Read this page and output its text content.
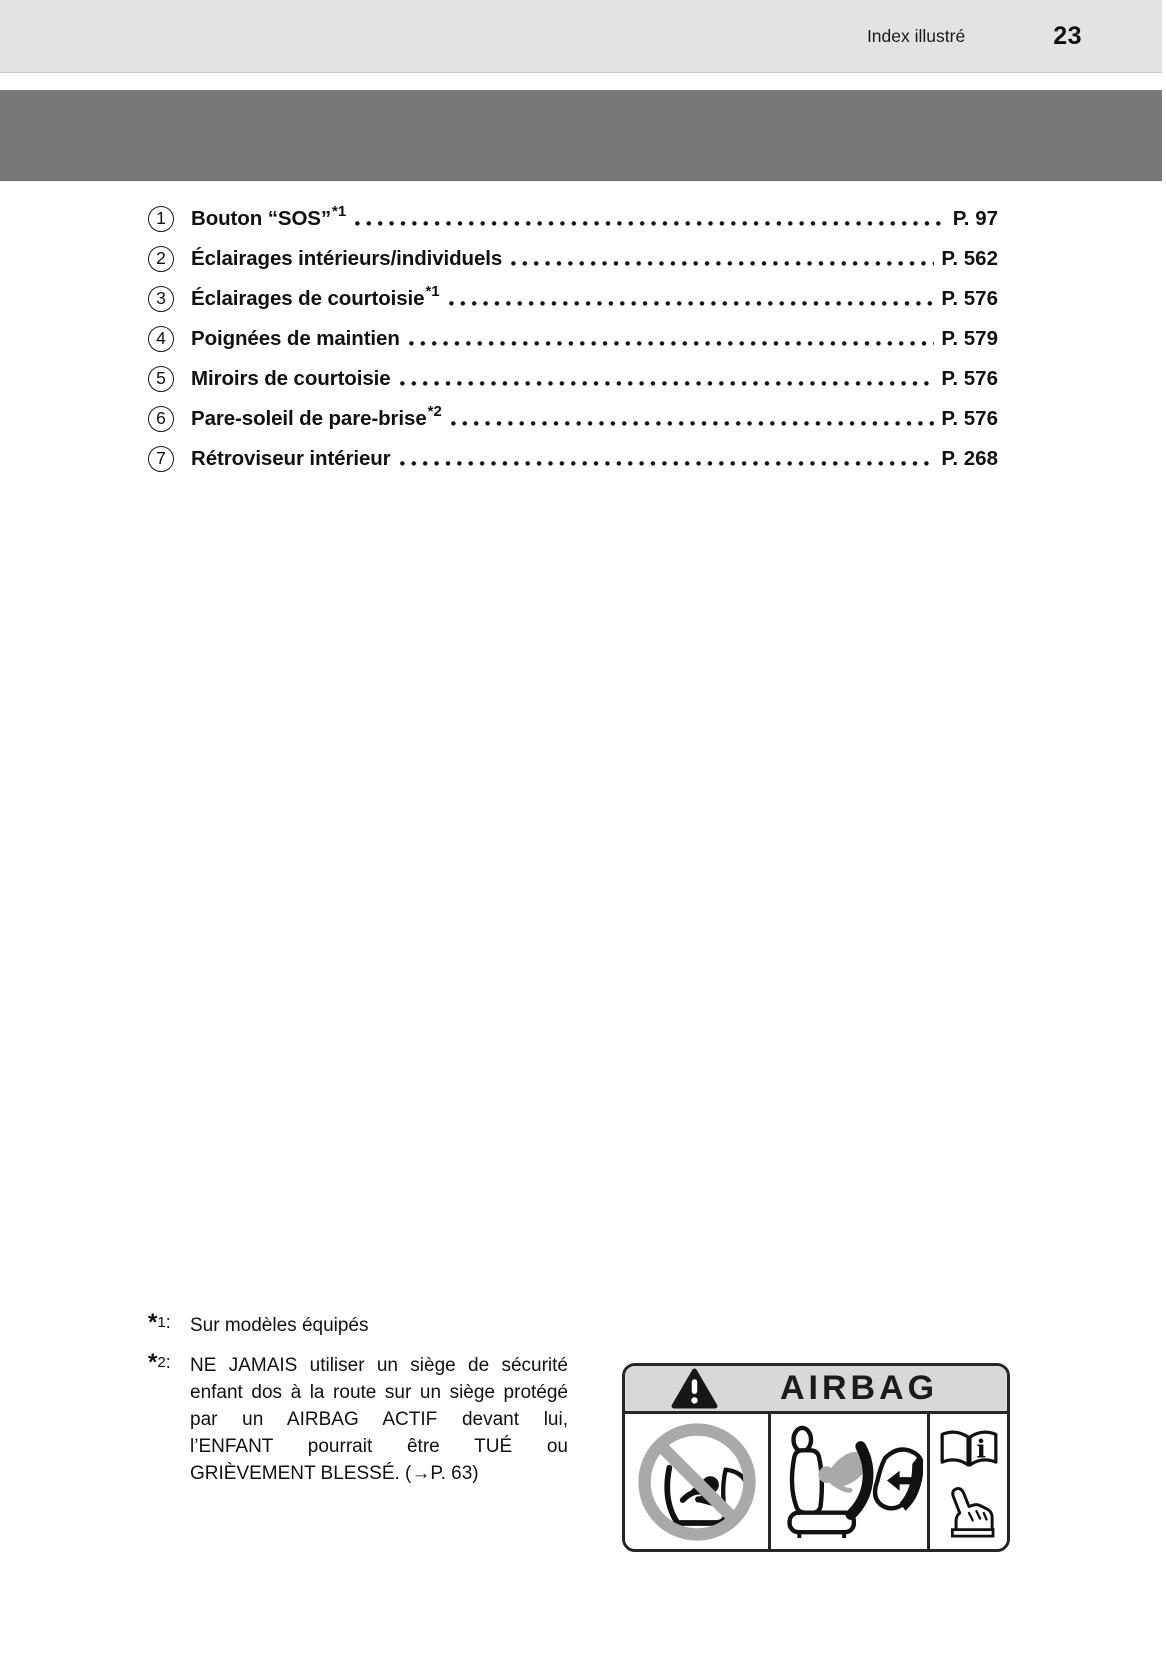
Index illustré	23
1	Bouton “SOS” *1	P. 97
2	Éclairages intérieurs/individuels	P. 562
3	Éclairages de courtoisie *1	P. 576
4	Poignées de maintien	P. 579
5	Miroirs de courtoisie	P. 576
6	Pare-soleil de pare-brise *2	P. 576
7	Rétroviseur intérieur	P. 268
*1:	Sur modèles équipés
*2:	NE JAMAIS utiliser un siège de sécurité
enfant dos à la route sur un siège protégé
par un AIRBAG ACTIF devant lui,
l’ENFANT pourrait être TUÉ ou
GRIÈVEMENT BLESSÉ. (→P. 63)
AIRBAG
i
